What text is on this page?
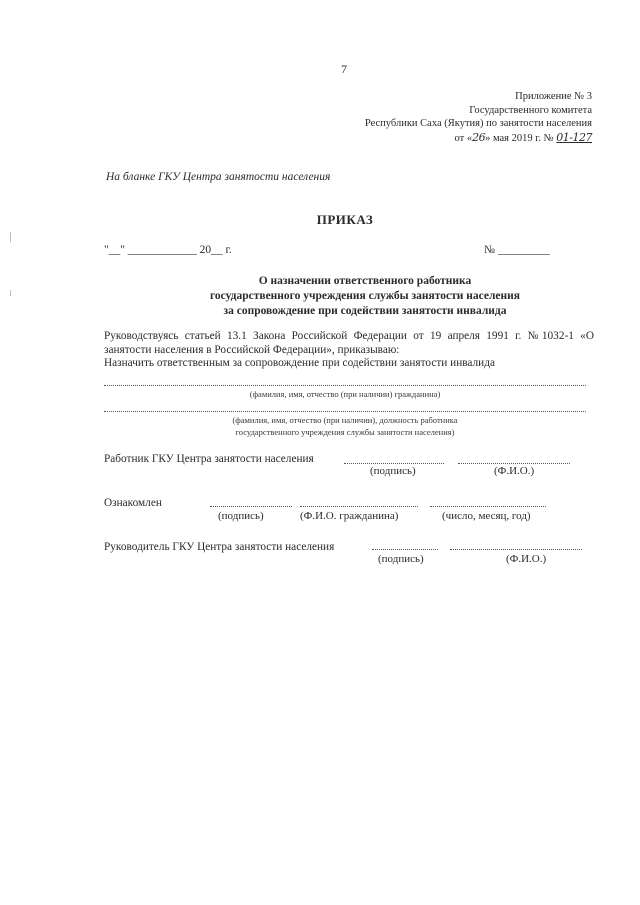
7
Приложение № 3
Государственного комитета
Республики Саха (Якутия) по занятости населения
от «26» мая 2019 г. № 01-127
На бланке ГКУ Центра занятости населения
ПРИКАЗ
"__" ____________ 20__ г.	№ _________
О назначении ответственного работника
государственного учреждения службы занятости населения
за сопровождение при содействии занятости инвалида
Руководствуясь статьей 13.1 Закона Российской Федерации от 19 апреля 1991 г. №1032-1 «О занятости населения в Российской Федерации», приказываю:
Назначить ответственным за сопровождение при содействии занятости инвалида
(фамилия, имя, отчество (при наличии) гражданина)
(фамилия, имя, отчество (при наличии), должность работника
государственного учреждения службы занятости населения)
Работник ГКУ Центра занятости населения
(подпись)	(Ф.И.О.)
Ознакомлен
(подпись)	(Ф.И.О. гражданина)	(число, месяц, год)
Руководитель ГКУ Центра занятости населения
(подпись)	(Ф.И.О.)
